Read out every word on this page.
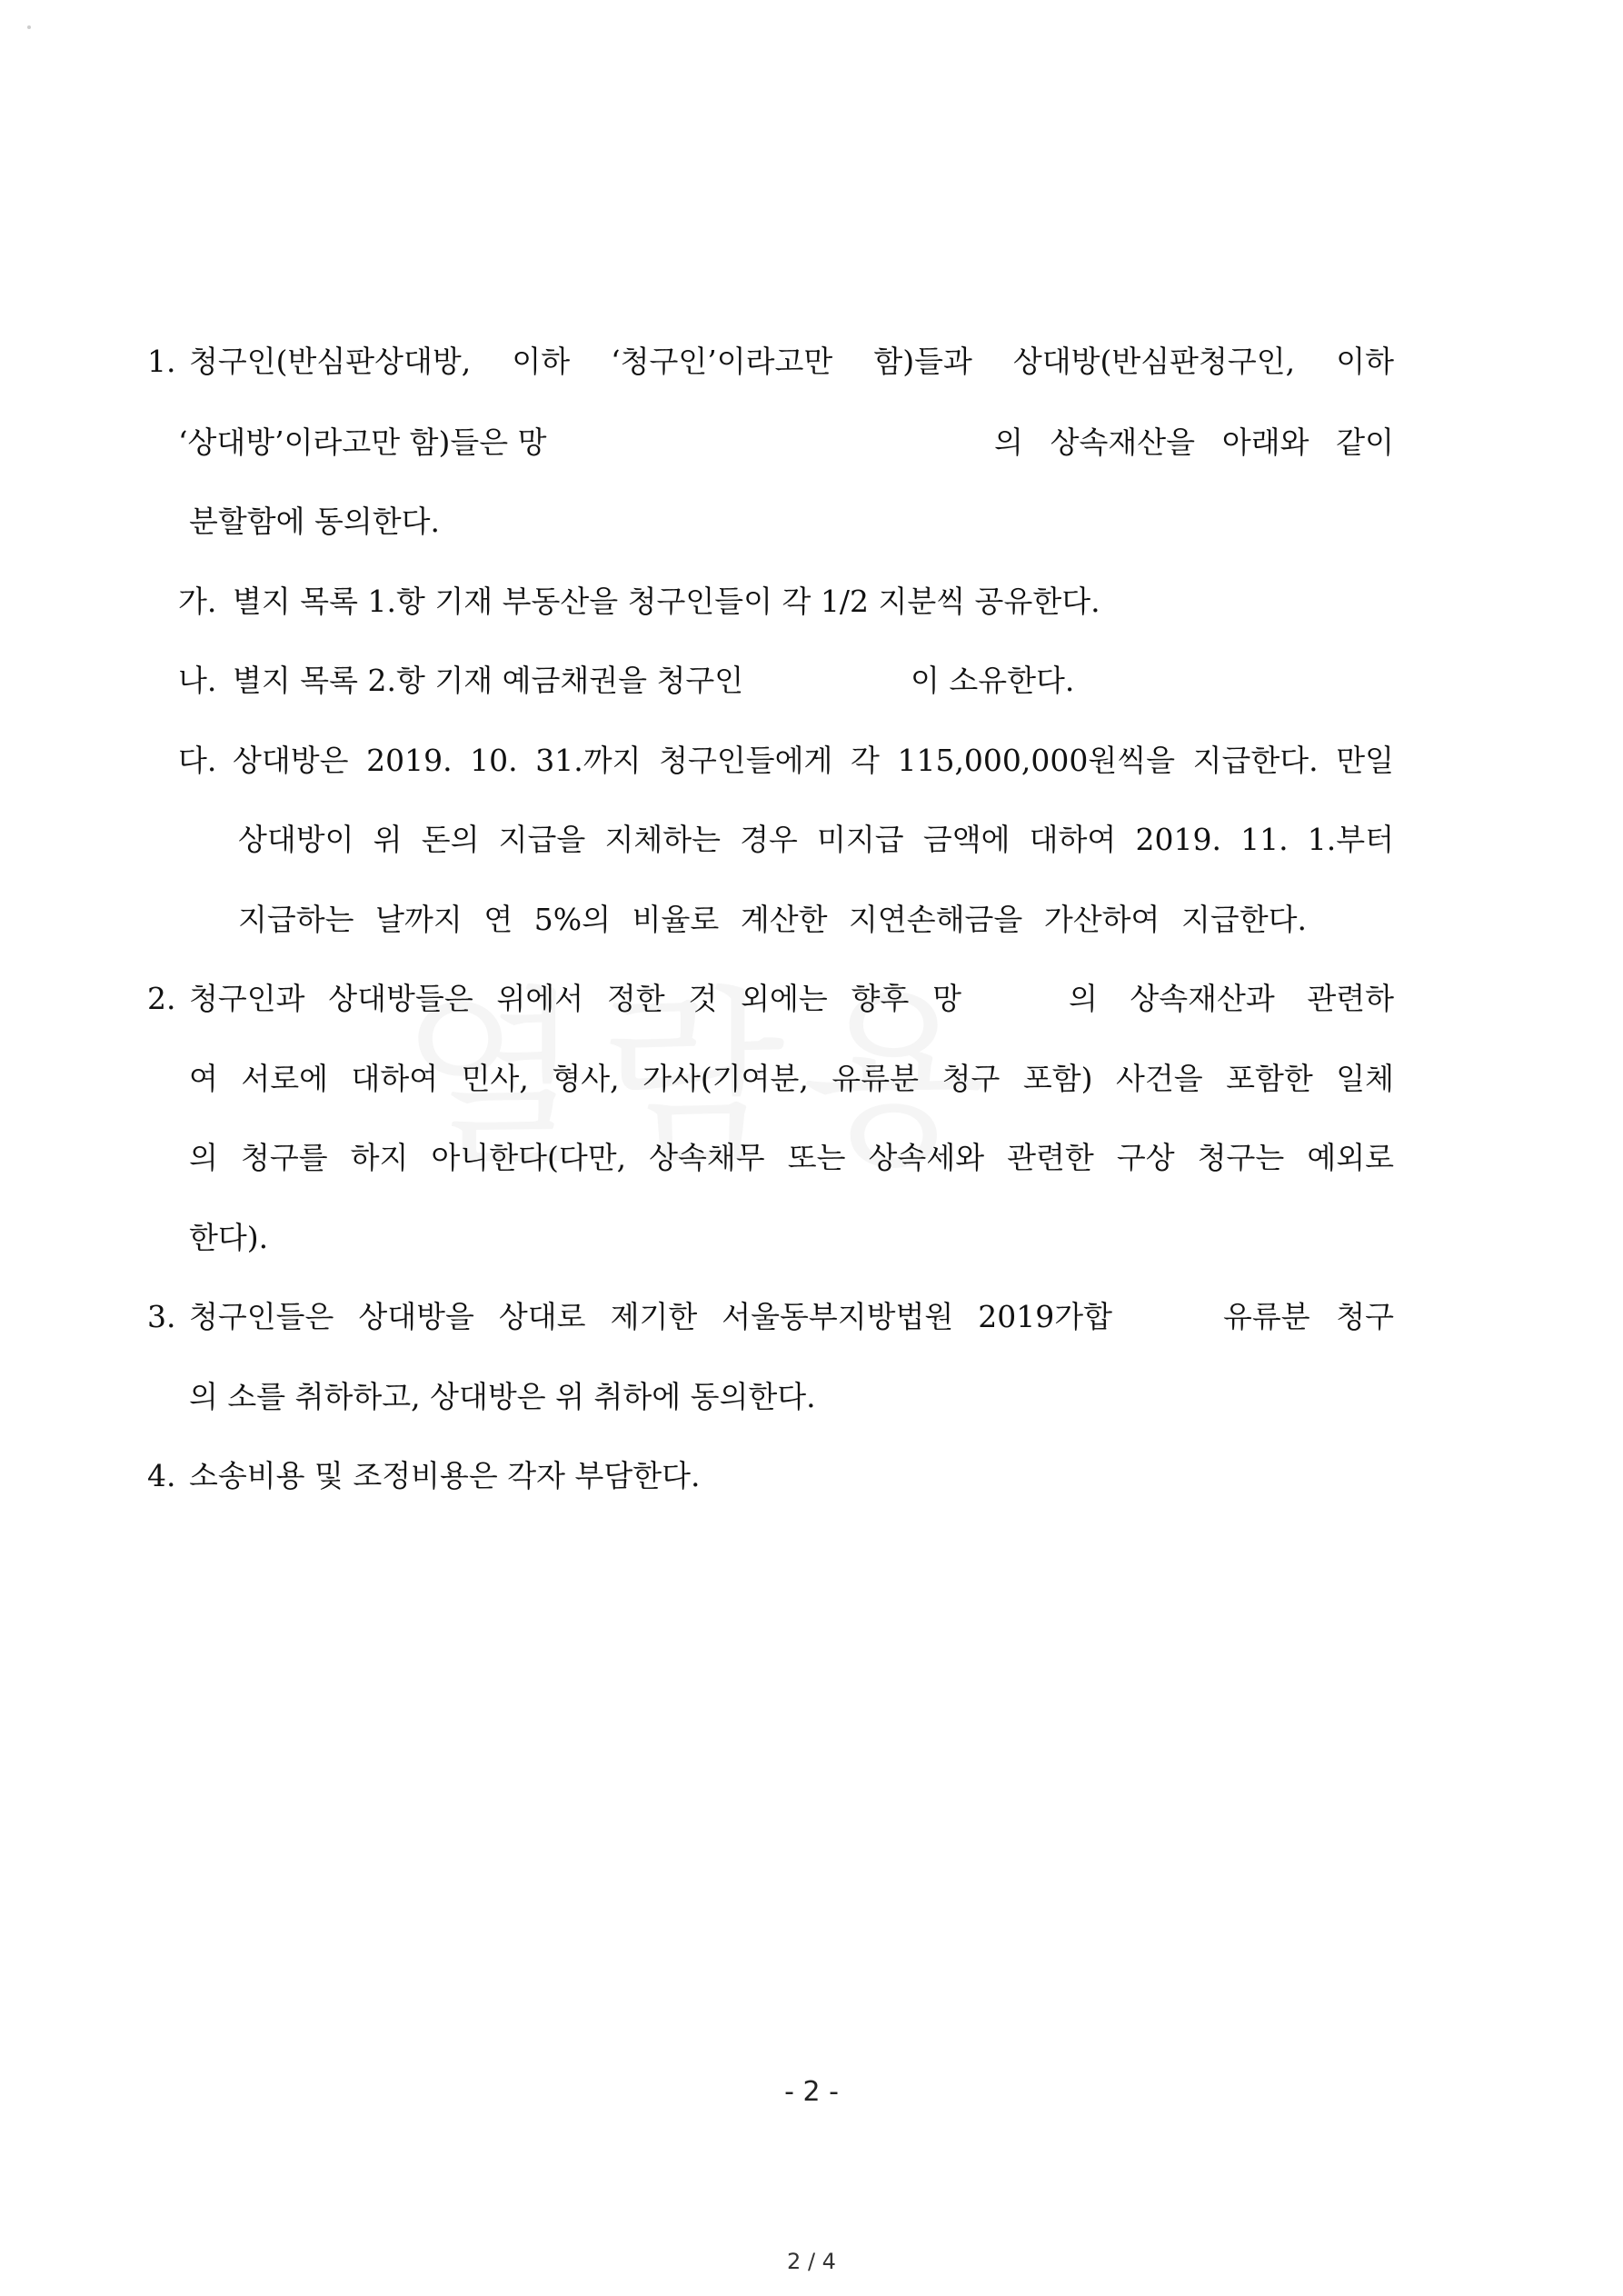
1. 청구인(반심판상대방, 이하 ‘청구인’이라고만 함)들과 상대방(반심판청구인, 이하
‘상대방’이라고만 함)들은 망	의 상속재산을 아래와 같이
분할함에 동의한다.
가. 별지 목록 1.항 기재 부동산을 청구인들이 각 1/2 지분씩 공유한다.
나. 별지 목록 2.항 기재 예금채권을 청구인	이 소유한다.
다. 상대방은 2019. 10. 31.까지 청구인들에게 각 115,000,000원씩을 지급한다. 만일
상대방이 위 돈의 지급을 지체하는 경우 미지급 금액에 대하여 2019. 11. 1.부터
지급하는 날까지 연 5%의 비율로 계산한 지연손해금을 가산하여 지급한다.
2. 청구인과 상대방들은 위에서 정한 것 외에는 향후 망	의 상속재산과 관련하
여 서로에 대하여 민사, 형사, 가사(기여분, 유류분 청구 포함) 사건을 포함한 일체
의 청구를 하지 아니한다(다만, 상속채무 또는 상속세와 관련한 구상 청구는 예외로
한다).
3. 청구인들은 상대방을 상대로 제기한 서울동부지방법원 2019가합	유류분 청구
의 소를 취하하고, 상대방은 위 취하에 동의한다.
4. 소송비용 및 조정비용은 각자 부담한다.
- 2 -
2 / 4
